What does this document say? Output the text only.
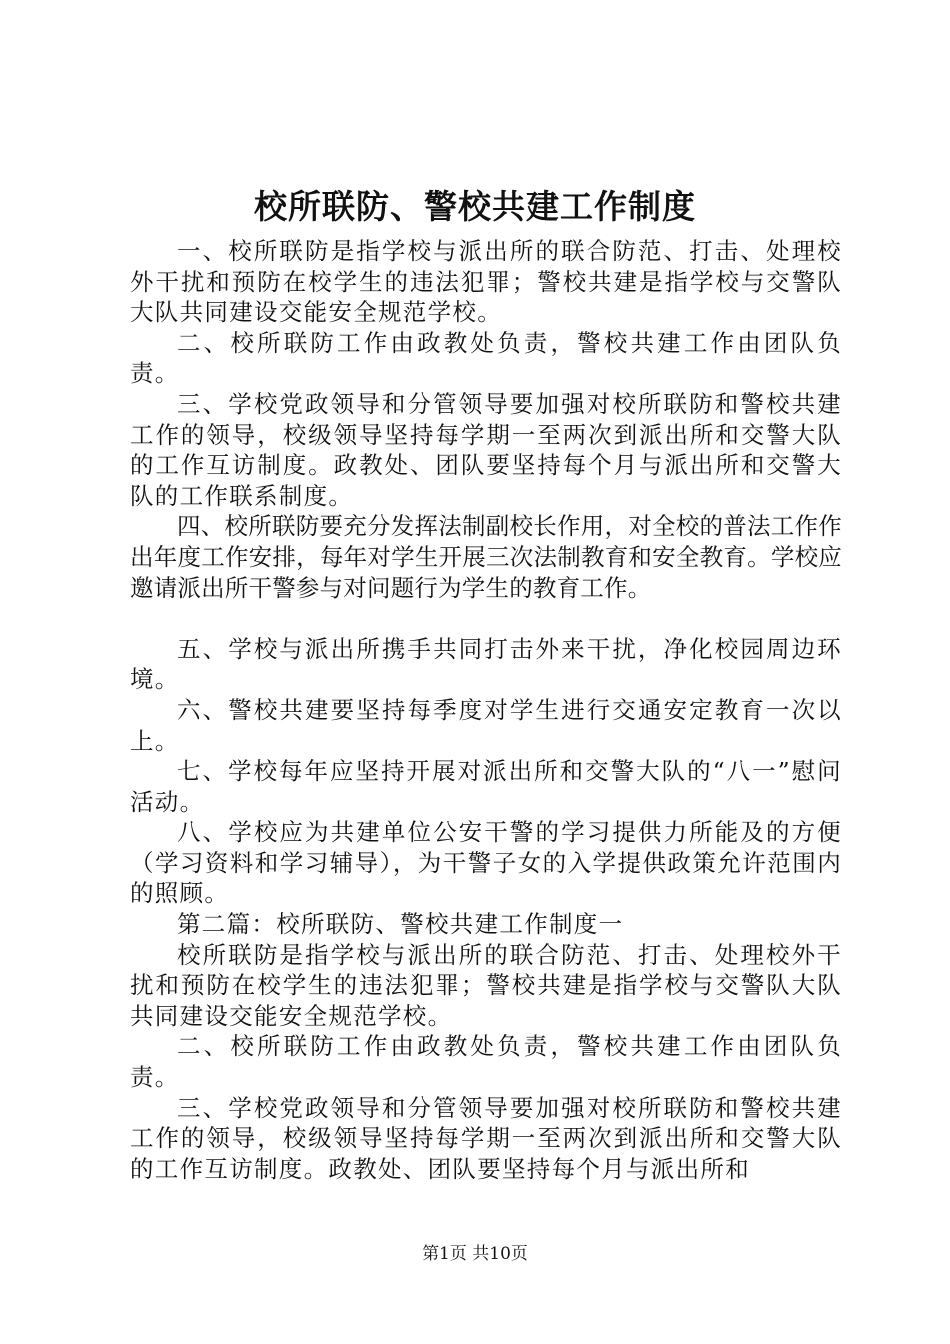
校所联防、警校共建工作制度

一、校所联防是指学校与派出所的联合防范、打击、处理校外干扰和预防在校学生的违法犯罪；警校共建是指学校与交警队大队共同建设交能安全规范学校。

二、校所联防工作由政教处负责，警校共建工作由团队负责。

三、学校党政领导和分管领导要加强对校所联防和警校共建工作的领导，校级领导坚持每学期一至两次到派出所和交警大队的工作互访制度。政教处、团队要坚持每个月与派出所和交警大队的工作联系制度。

四、校所联防要充分发挥法制副校长作用，对全校的普法工作作出年度工作安排，每年对学生开展三次法制教育和安全教育。学校应邀请派出所干警参与对问题行为学生的教育工作。

五、学校与派出所携手共同打击外来干扰，净化校园周边环境。

六、警校共建要坚持每季度对学生进行交通安定教育一次以上。

七、学校每年应坚持开展对派出所和交警大队的“八一”慰问活动。

八、学校应为共建单位公安干警的学习提供力所能及的方便（学习资料和学习辅导），为干警子女的入学提供政策允许范围内的照顾。

第二篇：校所联防、警校共建工作制度一

校所联防是指学校与派出所的联合防范、打击、处理校外干扰和预防在校学生的违法犯罪；警校共建是指学校与交警队大队共同建设交能安全规范学校。

二、校所联防工作由政教处负责，警校共建工作由团队负责。

三、学校党政领导和分管领导要加强对校所联防和警校共建工作的领导，校级领导坚持每学期一至两次到派出所和交警大队的工作互访制度。政教处、团队要坚持每个月与派出所和

第1页 共10页
